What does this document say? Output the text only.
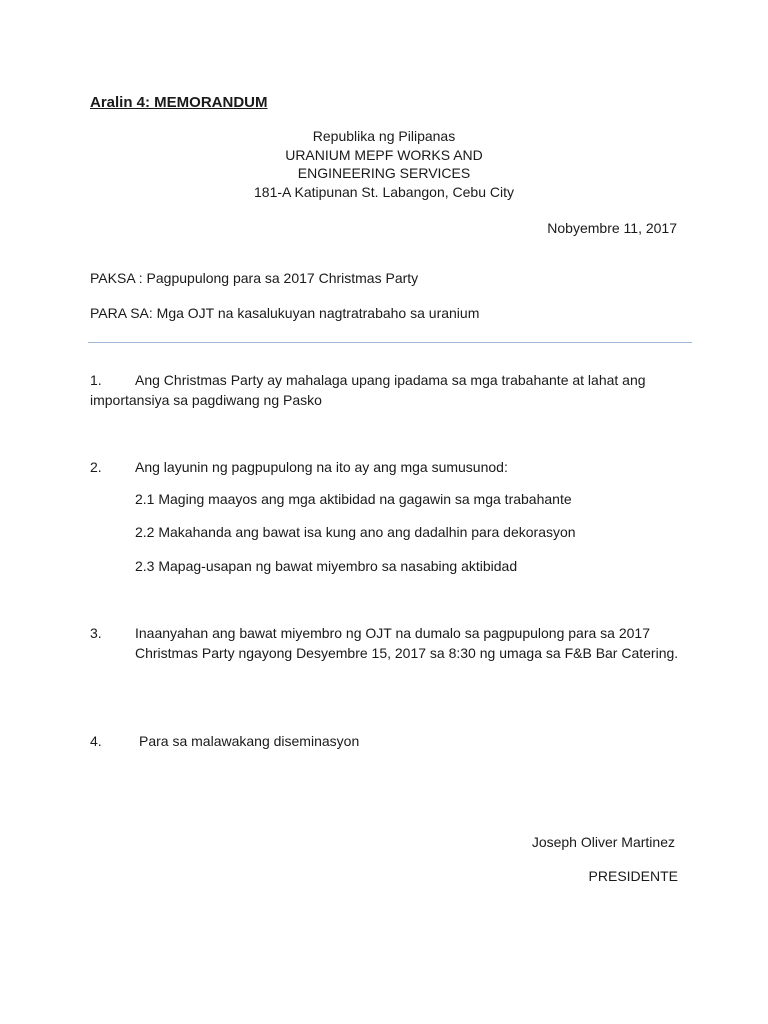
Aralin 4: MEMORANDUM

Republika ng Pilipanas
URANIUM MEPF WORKS AND
ENGINEERING SERVICES
181-A Katipunan St. Labangon, Cebu City

Nobyembre 11, 2017

PAKSA : Pagpupulong para sa 2017 Christmas Party

PARA SA: Mga OJT na kasalukuyan nagtratrabaho sa uranium

1. Ang Christmas Party ay mahalaga upang ipadama sa mga trabahante at lahat ang importansiya sa pagdiwang ng Pasko

2. Ang layunin ng pagpupulong na ito ay ang mga sumusunod:

2.1 Maging maayos ang mga aktibidad na gagawin sa mga trabahante

2.2 Makahanda ang bawat isa kung ano ang dadalhin para dekorasyon

2.3 Mapag-usapan ng bawat miyembro sa nasabing aktibidad

3. Inaanyahan ang bawat miyembro ng OJT na dumalo sa pagpupulong para sa 2017 Christmas Party ngayong Desyembre 15, 2017 sa 8:30 ng umaga sa F&B Bar Catering.

4.	Para sa malawakang diseminasyon

Joseph Oliver Martinez

PRESIDENTE
